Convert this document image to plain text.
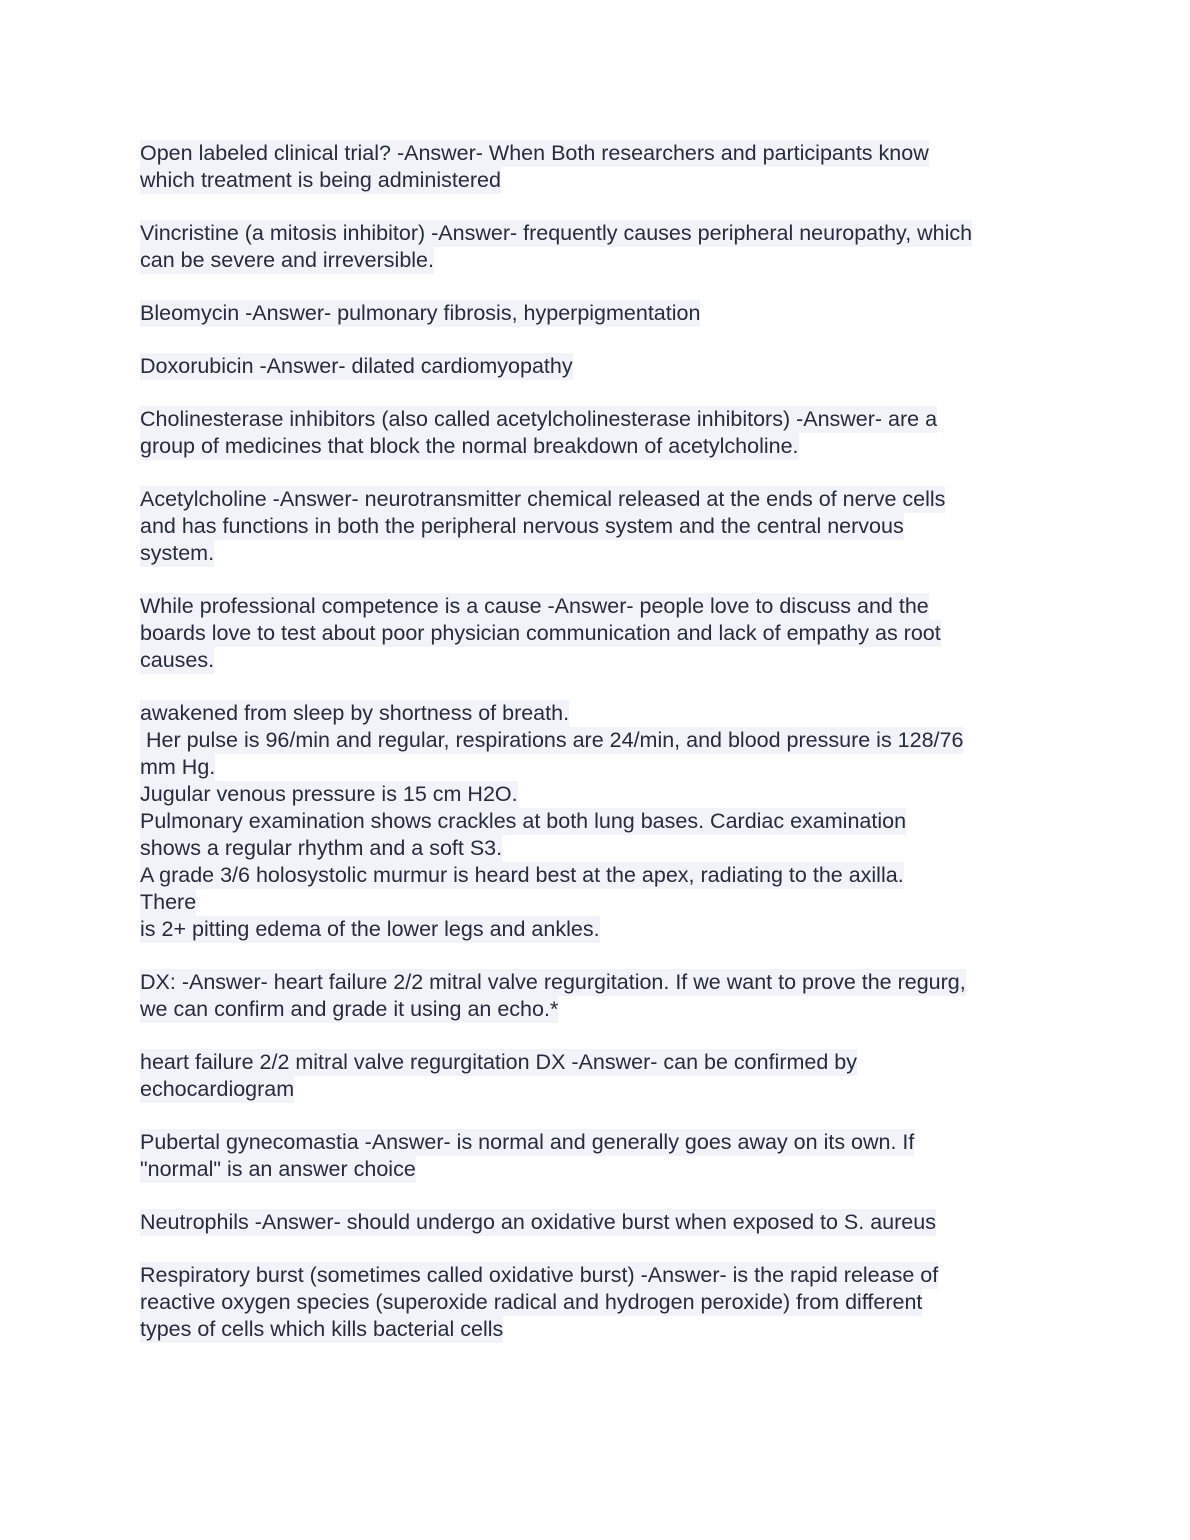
Open labeled clinical trial? -Answer- When Both researchers and participants know
which treatment is being administered
Vincristine (a mitosis inhibitor) -Answer- frequently causes peripheral neuropathy, which
can be severe and irreversible.
Bleomycin -Answer- pulmonary fibrosis, hyperpigmentation
Doxorubicin -Answer- dilated cardiomyopathy
Cholinesterase inhibitors (also called acetylcholinesterase inhibitors) -Answer- are a
group of medicines that block the normal breakdown of acetylcholine.
Acetylcholine -Answer- neurotransmitter chemical released at the ends of nerve cells
and has functions in both the peripheral nervous system and the central nervous
system.
While professional competence is a cause -Answer- people love to discuss and the
boards love to test about poor physician communication and lack of empathy as root
causes.
awakened from sleep by shortness of breath.
Her pulse is 96/min and regular, respirations are 24/min, and blood pressure is 128/76
mm Hg.
Jugular venous pressure is 15 cm H2O.
Pulmonary examination shows crackles at both lung bases. Cardiac examination
shows a regular rhythm and a soft S3.
A grade 3/6 holosystolic murmur is heard best at the apex, radiating to the axilla.
There
is 2+ pitting edema of the lower legs and ankles.
DX: -Answer- heart failure 2/2 mitral valve regurgitation. If we want to prove the regurg,
we can confirm and grade it using an echo.*
heart failure 2/2 mitral valve regurgitation DX -Answer- can be confirmed by
echocardiogram
Pubertal gynecomastia -Answer- is normal and generally goes away on its own. If
"normal" is an answer choice
Neutrophils -Answer- should undergo an oxidative burst when exposed to S. aureus
Respiratory burst (sometimes called oxidative burst) -Answer- is the rapid release of
reactive oxygen species (superoxide radical and hydrogen peroxide) from different
types of cells which kills bacterial cells
